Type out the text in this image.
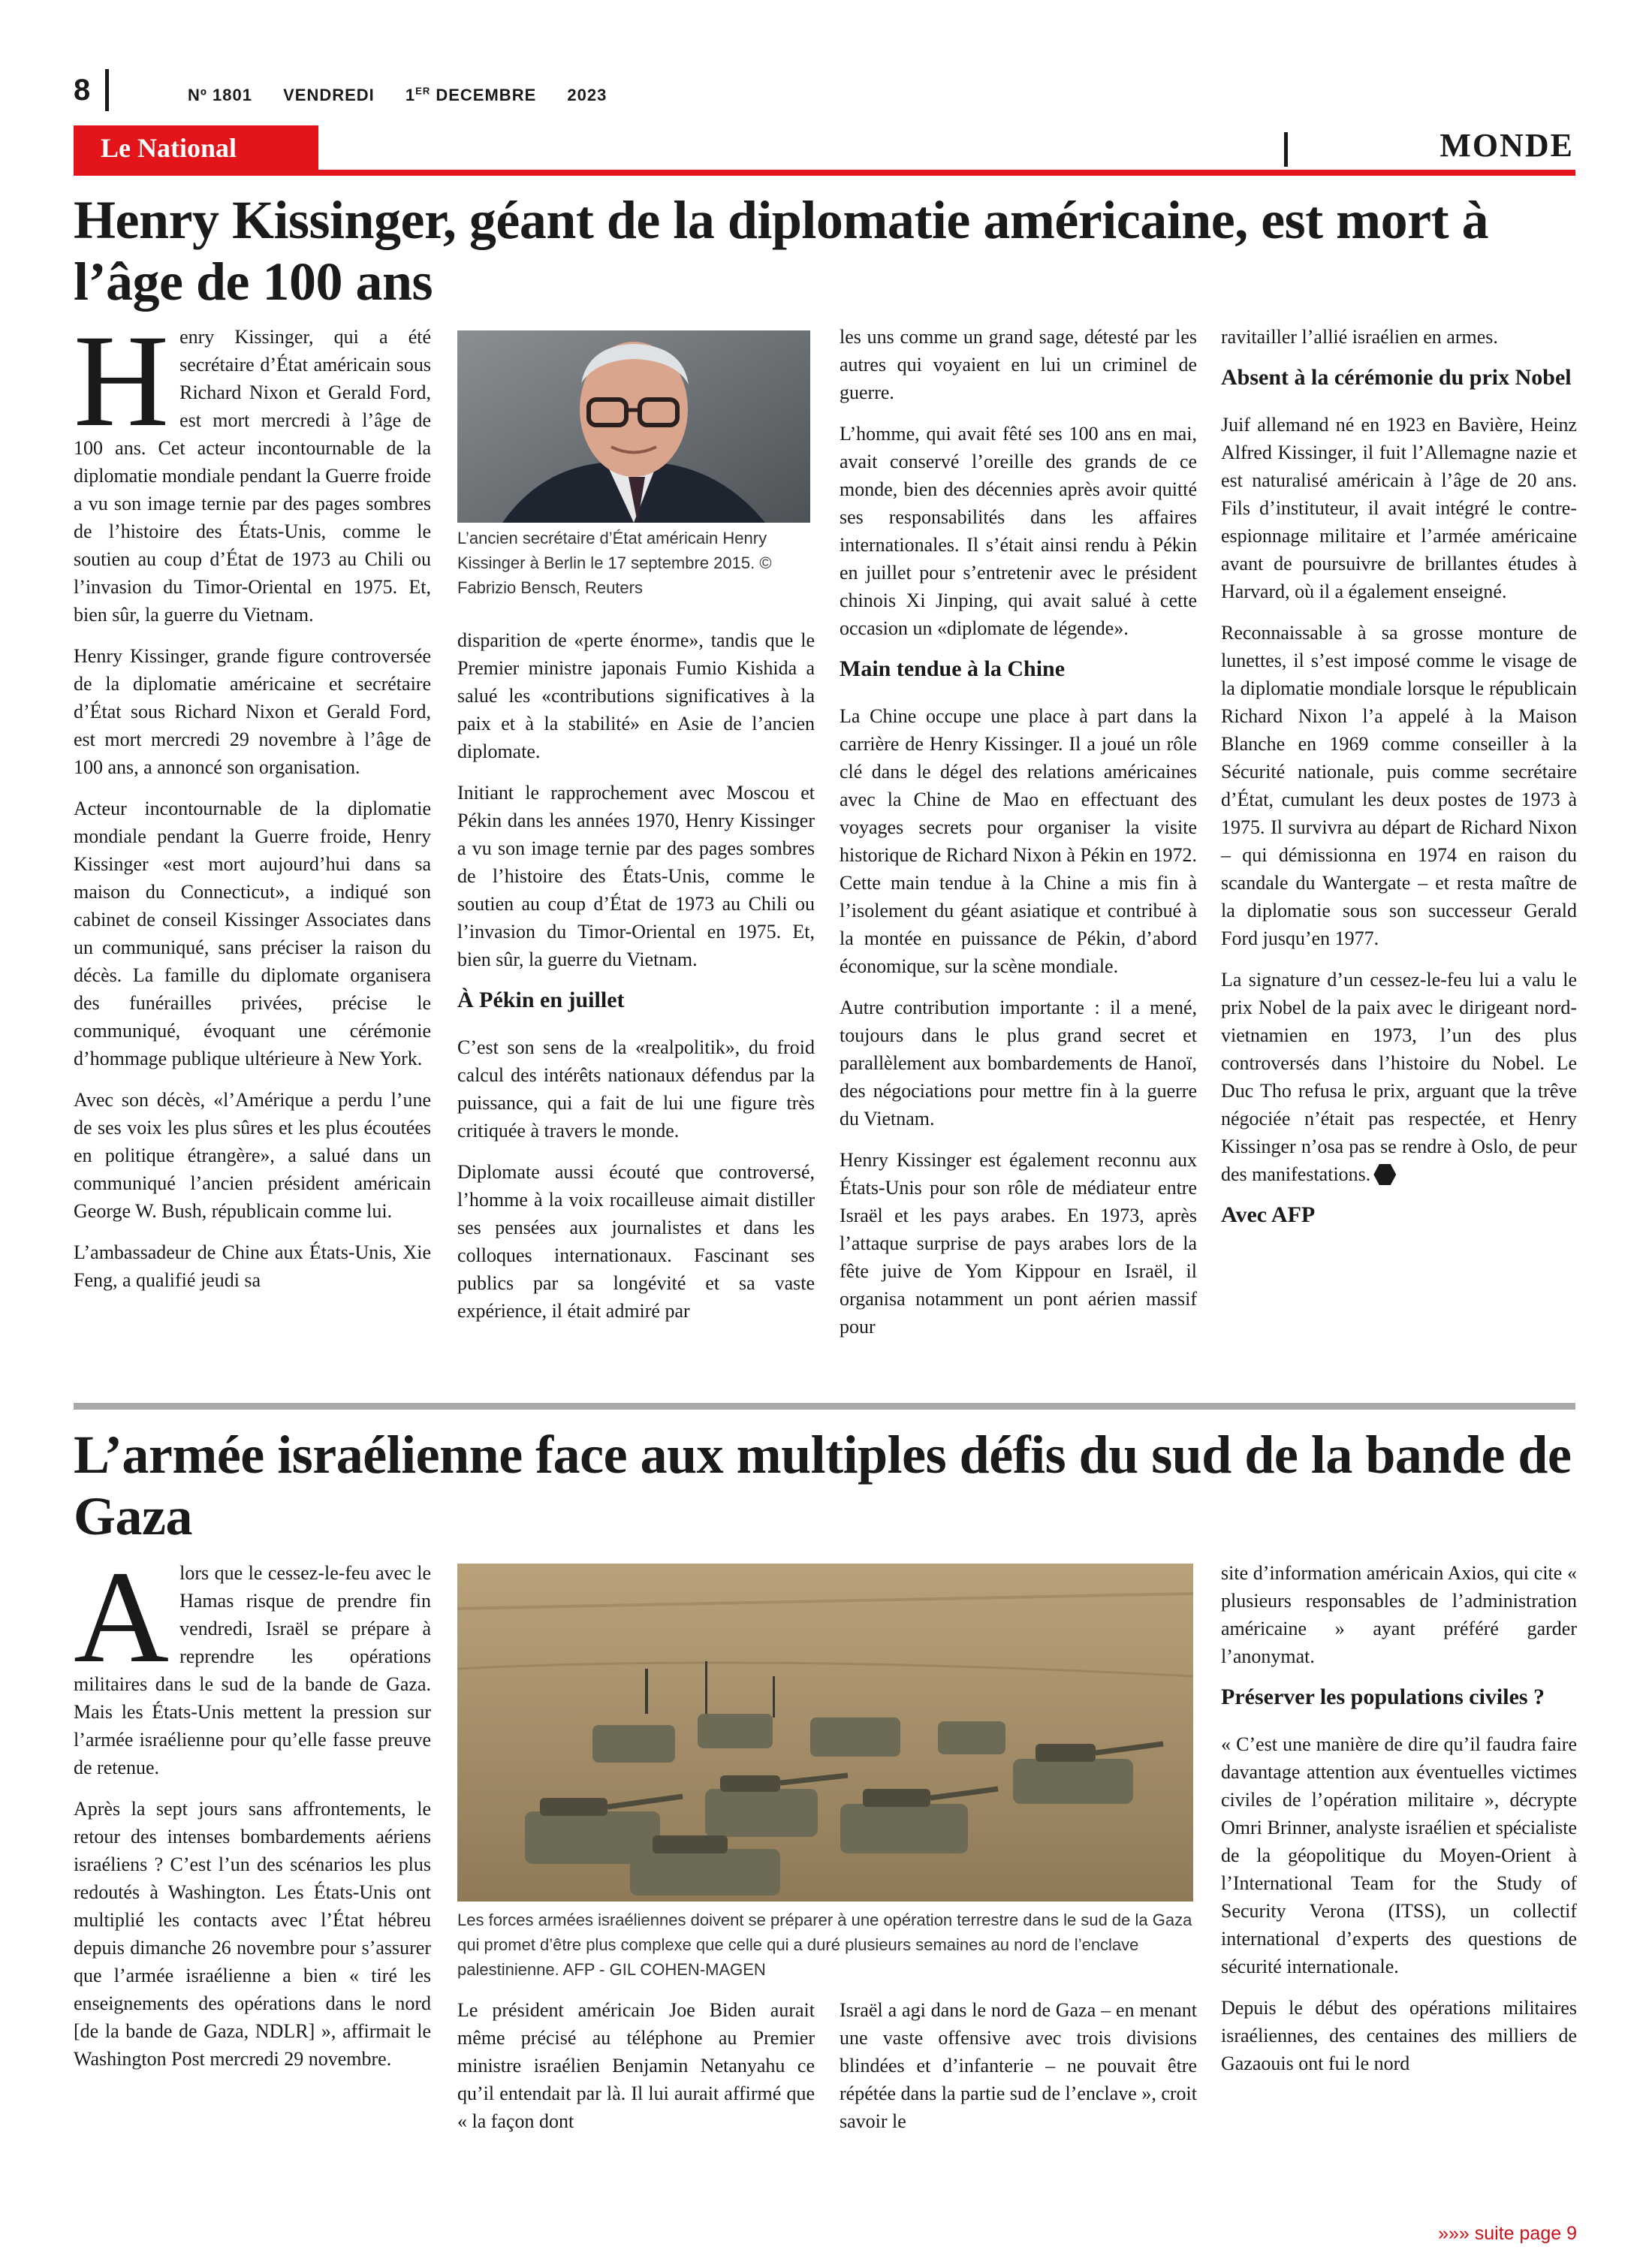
8	Nº 1801 VENDREDI 1ER DECEMBRE 2023
Le National	MONDE
Henry Kissinger, géant de la diplomatie américaine, est mort à l’âge de 100 ans

Henry Kissinger, qui a été secrétaire d’État américain sous Richard Nixon et Gerald Ford, est mort mercredi à l’âge de 100 ans. Cet acteur incontournable de la diplomatie mondiale pendant la Guerre froide a vu son image ternie par des pages sombres de l’histoire des États-Unis, comme le soutien au coup d’État de 1973 au Chili ou l’invasion du Timor-Oriental en 1975. Et, bien sûr, la guerre du Vietnam.

Henry Kissinger, grande figure controversée de la diplomatie américaine et secrétaire d’État sous Richard Nixon et Gerald Ford, est mort mercredi 29 novembre à l’âge de 100 ans, a annoncé son organisation.

Acteur incontournable de la diplomatie mondiale pendant la Guerre froide, Henry Kissinger «est mort aujourd’hui dans sa maison du Connecticut», a indiqué son cabinet de conseil Kissinger Associates dans un communiqué, sans préciser la raison du décès. La famille du diplomate organisera des funérailles privées, précise le communiqué, évoquant une cérémonie d’hommage publique ultérieure à New York.

Avec son décès, «l’Amérique a perdu l’une de ses voix les plus sûres et les plus écoutées en politique étrangère», a salué dans un communiqué l’ancien président américain George W. Bush, républicain comme lui.

L’ambassadeur de Chine aux États-Unis, Xie Feng, a qualifié jeudi sa

L’ancien secrétaire d’État américain Henry Kissinger à Berlin le 17 septembre 2015. © Fabrizio Bensch, Reuters

disparition de «perte énorme», tandis que le Premier ministre japonais Fumio Kishida a salué les «contributions significatives à la paix et à la stabilité» en Asie de l’ancien diplomate.

Initiant le rapprochement avec Moscou et Pékin dans les années 1970, Henry Kissinger a vu son image ternie par des pages sombres de l’histoire des États-Unis, comme le soutien au coup d’État de 1973 au Chili ou l’invasion du Timor-Oriental en 1975. Et, bien sûr, la guerre du Vietnam.

À Pékin en juillet

C’est son sens de la «realpolitik», du froid calcul des intérêts nationaux défendus par la puissance, qui a fait de lui une figure très critiquée à travers le monde.

Diplomate aussi écouté que controversé, l’homme à la voix rocailleuse aimait distiller ses pensées aux journalistes et dans les colloques internationaux. Fascinant ses publics par sa longévité et sa vaste expérience, il était admiré par

les uns comme un grand sage, détesté par les autres qui voyaient en lui un criminel de guerre.

L’homme, qui avait fêté ses 100 ans en mai, avait conservé l’oreille des grands de ce monde, bien des décennies après avoir quitté ses responsabilités dans les affaires internationales. Il s’était ainsi rendu à Pékin en juillet pour s’entretenir avec le président chinois Xi Jinping, qui avait salué à cette occasion un «diplomate de légende».

Main tendue à la Chine

La Chine occupe une place à part dans la carrière de Henry Kissinger. Il a joué un rôle clé dans le dégel des relations américaines avec la Chine de Mao en effectuant des voyages secrets pour organiser la visite historique de Richard Nixon à Pékin en 1972. Cette main tendue à la Chine a mis fin à l’isolement du géant asiatique et contribué à la montée en puissance de Pékin, d’abord économique, sur la scène mondiale.

Autre contribution importante : il a mené, toujours dans le plus grand secret et parallèlement aux bombardements de Hanoï, des négociations pour mettre fin à la guerre du Vietnam.

Henry Kissinger est également reconnu aux États-Unis pour son rôle de médiateur entre Israël et les pays arabes. En 1973, après l’attaque surprise de pays arabes lors de la fête juive de Yom Kippour en Israël, il organisa notamment un pont aérien massif pour

ravitailler l’allié israélien en armes.

Absent à la cérémonie du prix Nobel

Juif allemand né en 1923 en Bavière, Heinz Alfred Kissinger, il fuit l’Allemagne nazie et est naturalisé américain à l’âge de 20 ans. Fils d’instituteur, il avait intégré le contre-espionnage militaire et l’armée américaine avant de poursuivre de brillantes études à Harvard, où il a également enseigné.

Reconnaissable à sa grosse monture de lunettes, il s’est imposé comme le visage de la diplomatie mondiale lorsque le républicain Richard Nixon l’a appelé à la Maison Blanche en 1969 comme conseiller à la Sécurité nationale, puis comme secrétaire d’État, cumulant les deux postes de 1973 à 1975. Il survivra au départ de Richard Nixon – qui démissionna en 1974 en raison du scandale du Wantergate – et resta maître de la diplomatie sous son successeur Gerald Ford jusqu’en 1977.

La signature d’un cessez-le-feu lui a valu le prix Nobel de la paix avec le dirigeant nord-vietnamien en 1973, l’un des plus controversés dans l’histoire du Nobel. Le Duc Tho refusa le prix, arguant que la trêve négociée n’était pas respectée, et Henry Kissinger n’osa pas se rendre à Oslo, de peur des manifestations.

Avec AFP
L’armée israélienne face aux multiples défis du sud de la bande de Gaza

Alors que le cessez-le-feu avec le Hamas risque de prendre fin vendredi, Israël se prépare à reprendre les opérations militaires dans le sud de la bande de Gaza. Mais les États-Unis mettent la pression sur l’armée israélienne pour qu’elle fasse preuve de retenue.

Après la sept jours sans affrontements, le retour des intenses bombardements aériens israéliens ? C’est l’un des scénarios les plus redoutés à Washington. Les États-Unis ont multiplié les contacts avec l’État hébreu depuis dimanche 26 novembre pour s’assurer que l’armée israélienne a bien « tiré les enseignements des opérations dans le nord [de la bande de Gaza, NDLR] », affirmait le Washington Post mercredi 29 novembre.

Les forces armées israéliennes doivent se préparer à une opération terrestre dans le sud de la Gaza qui promet d’être plus complexe que celle qui a duré plusieurs semaines au nord de l’enclave palestinienne. AFP - GIL COHEN-MAGEN

Le président américain Joe Biden aurait même précisé au téléphone au Premier ministre israélien Benjamin Netanyahu ce qu’il entendait par là. Il lui aurait affirmé que « la façon dont

Israël a agi dans le nord de Gaza – en menant une vaste offensive avec trois divisions blindées et d’infanterie – ne pouvait être répétée dans la partie sud de l’enclave », croit savoir le

site d’information américain Axios, qui cite « plusieurs responsables de l’administration américaine » ayant préféré garder l’anonymat.

Préserver les populations civiles ?

« C’est une manière de dire qu’il faudra faire davantage attention aux éventuelles victimes civiles de l’opération militaire », décrypte Omri Brinner, analyste israélien et spécialiste de la géopolitique du Moyen-Orient à l’International Team for the Study of Security Verona (ITSS), un collectif international d’experts des questions de sécurité internationale.

Depuis le début des opérations militaires israéliennes, des centaines des milliers de Gazaouis ont fui le nord

»»» suite page 9
